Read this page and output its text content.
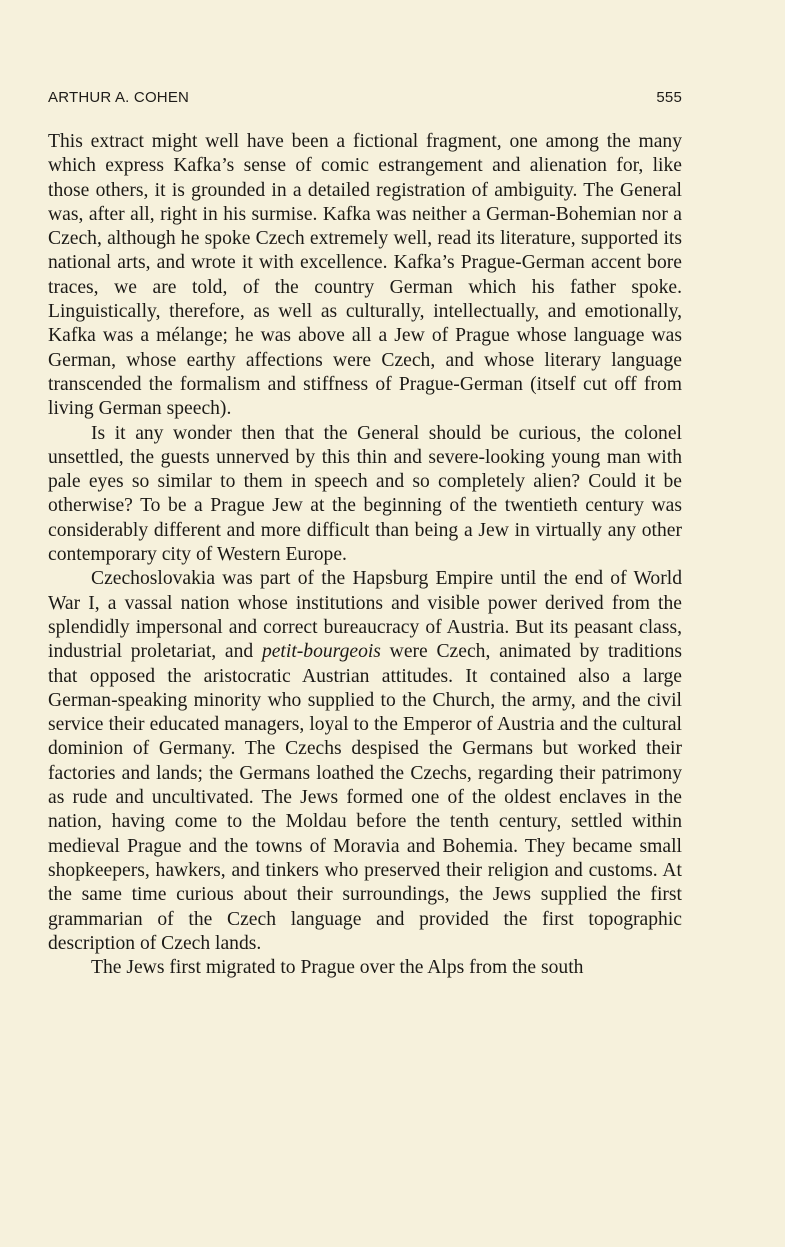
ARTHUR A. COHEN	555

This extract might well have been a fictional fragment, one among the many which express Kafka’s sense of comic estrangement and alienation for, like those others, it is grounded in a detailed registration of ambiguity. The General was, after all, right in his surmise. Kafka was neither a German-Bohemian nor a Czech, although he spoke Czech extremely well, read its literature, supported its national arts, and wrote it with excellence. Kafka’s Prague-German accent bore traces, we are told, of the country German which his father spoke. Linguistically, therefore, as well as culturally, intellectually, and emotionally, Kafka was a mélange; he was above all a Jew of Prague whose language was German, whose earthy affections were Czech, and whose literary language transcended the formalism and stiffness of Prague-German (itself cut off from living German speech).

Is it any wonder then that the General should be curious, the colonel unsettled, the guests unnerved by this thin and severe-looking young man with pale eyes so similar to them in speech and so completely alien? Could it be otherwise? To be a Prague Jew at the beginning of the twentieth century was considerably different and more difficult than being a Jew in virtually any other contemporary city of Western Europe.

Czechoslovakia was part of the Hapsburg Empire until the end of World War I, a vassal nation whose institutions and visible power derived from the splendidly impersonal and correct bureaucracy of Austria. But its peasant class, industrial proletariat, and petit-bourgeois were Czech, animated by traditions that opposed the aristocratic Austrian attitudes. It contained also a large German-speaking minority who supplied to the Church, the army, and the civil service their educated managers, loyal to the Emperor of Austria and the cultural dominion of Germany. The Czechs despised the Germans but worked their factories and lands; the Germans loathed the Czechs, regarding their patrimony as rude and uncultivated. The Jews formed one of the oldest enclaves in the nation, having come to the Moldau before the tenth century, settled within medieval Prague and the towns of Moravia and Bohemia. They became small shopkeepers, hawkers, and tinkers who preserved their religion and customs. At the same time curious about their surroundings, the Jews supplied the first grammarian of the Czech language and provided the first topographic description of Czech lands.

The Jews first migrated to Prague over the Alps from the south
